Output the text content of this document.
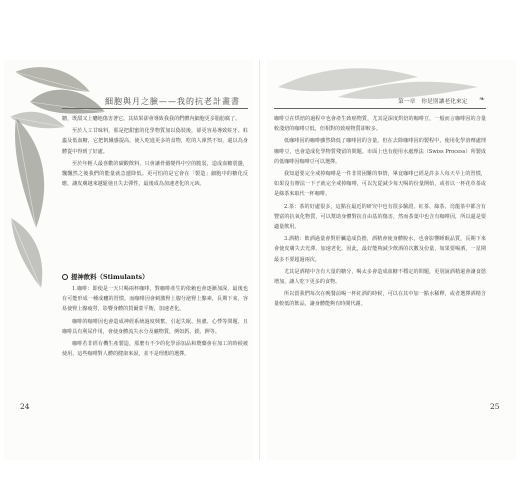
細胞與月之臉——我的抗老計畫書	第一章　你是別讓老化來定 ❧

糖，既甜又上癮地傷害著它。其結果卻會導致我我的們體內細胞更多脂肪腐了。

至於人工甘味料，那是把甜蜜的化學物質加以偽裝後，卻更容易導致蛀牙、蛀蟲及低血糖，它把飢餓感提高，使人吃進更多的食物，吃的人渾然不知，還以為身體從中得到了好處。

至於年輕人最喜歡的碳酸飲料，只會讓骨骼變得中空的脆弱，造成血糖震盪，飄飄然之後我們的能量就急遽降低。更可怕的是它會在「製造」細胞中的糖化反應，讓皮膚越來越鬆弛且失去彈性，最後成為加速老化的元凶。

提神飲料（Stimulants）

1.咖啡：即使是一天只喝兩杯咖啡，對咖啡產生的依賴也會逐漸加深，最後也有可能形成一種成癮的習慣。而咖啡因會刺激腎上腺分泌腎上腺素，長期下來，容易使腎上腺疲勞，影響身體的賀爾蒙平衡，加速老化。

咖啡的咖啡因也會造成神經系統過度興奮，引起失眠、焦慮、心悸等問題，且咖啡具有利尿作用，會使身體流失水分及礦物質，例如鈣、鎂、鉀等。

咖啡若非經有機生產製造，那麼有不少的化學添加品和農藥會在加工的時候被使用，這些咖啡對人體的健康來說，並不是理想的選擇。

咖啡豆在烘焙的過程中也會產生致癌物質，尤其是深度烘焙的咖啡豆，一般而言咖啡因的含量較淺焙的咖啡豆低，但相對的致癌物質卻較多。

低咖啡因的咖啡雖然降低了咖啡因的含量，但在去除咖啡因的製程中，使用化學溶劑處理咖啡豆，也會造成化學物質殘留的問題。市面上也有使用水處理法（Swiss Process）所製成的低咖啡因咖啡豆可以選擇。

我知道要完全戒掉咖啡是一件非常困難的事情，畢竟咖啡已經是許多人每天早上的習慣，如果沒有辦法一下子就完全戒掉咖啡，可以先從減少每天喝的份量開始，或者以一杯花草茶或是綠茶來取代一杯咖啡。

2.茶：茶的好處很多，這點在最近的研究中也有很多驗證。紅茶、綠茶、烏龍茶中都含有豐富的抗氧化物質，可以幫助身體對抗自由基的傷害，然而茶葉中也含有咖啡因，所以還是要適量飲用。

3.酒精：飲酒過量會對肝臟造成負擔，酒精會使身體脫水，也會影響睡眠品質，長期下來會使皮膚失去光澤、加速老化。因此，最好能夠減少飲酒的次數及份量，如果要喝酒，一星期最多不要超過兩次。

尤其是酒精中含有大量的糖分，喝太多會造成血糖不穩定的問題，更別說酒精還會讓食慾增加，讓人吃下更多的食物。

所以當我們每次在晚餐前喝一杯紅酒的時候，可以在其中加一點水稀釋，或者選擇酒精含量較低的飲品，讓身體能夠有時間代謝。

24	25
